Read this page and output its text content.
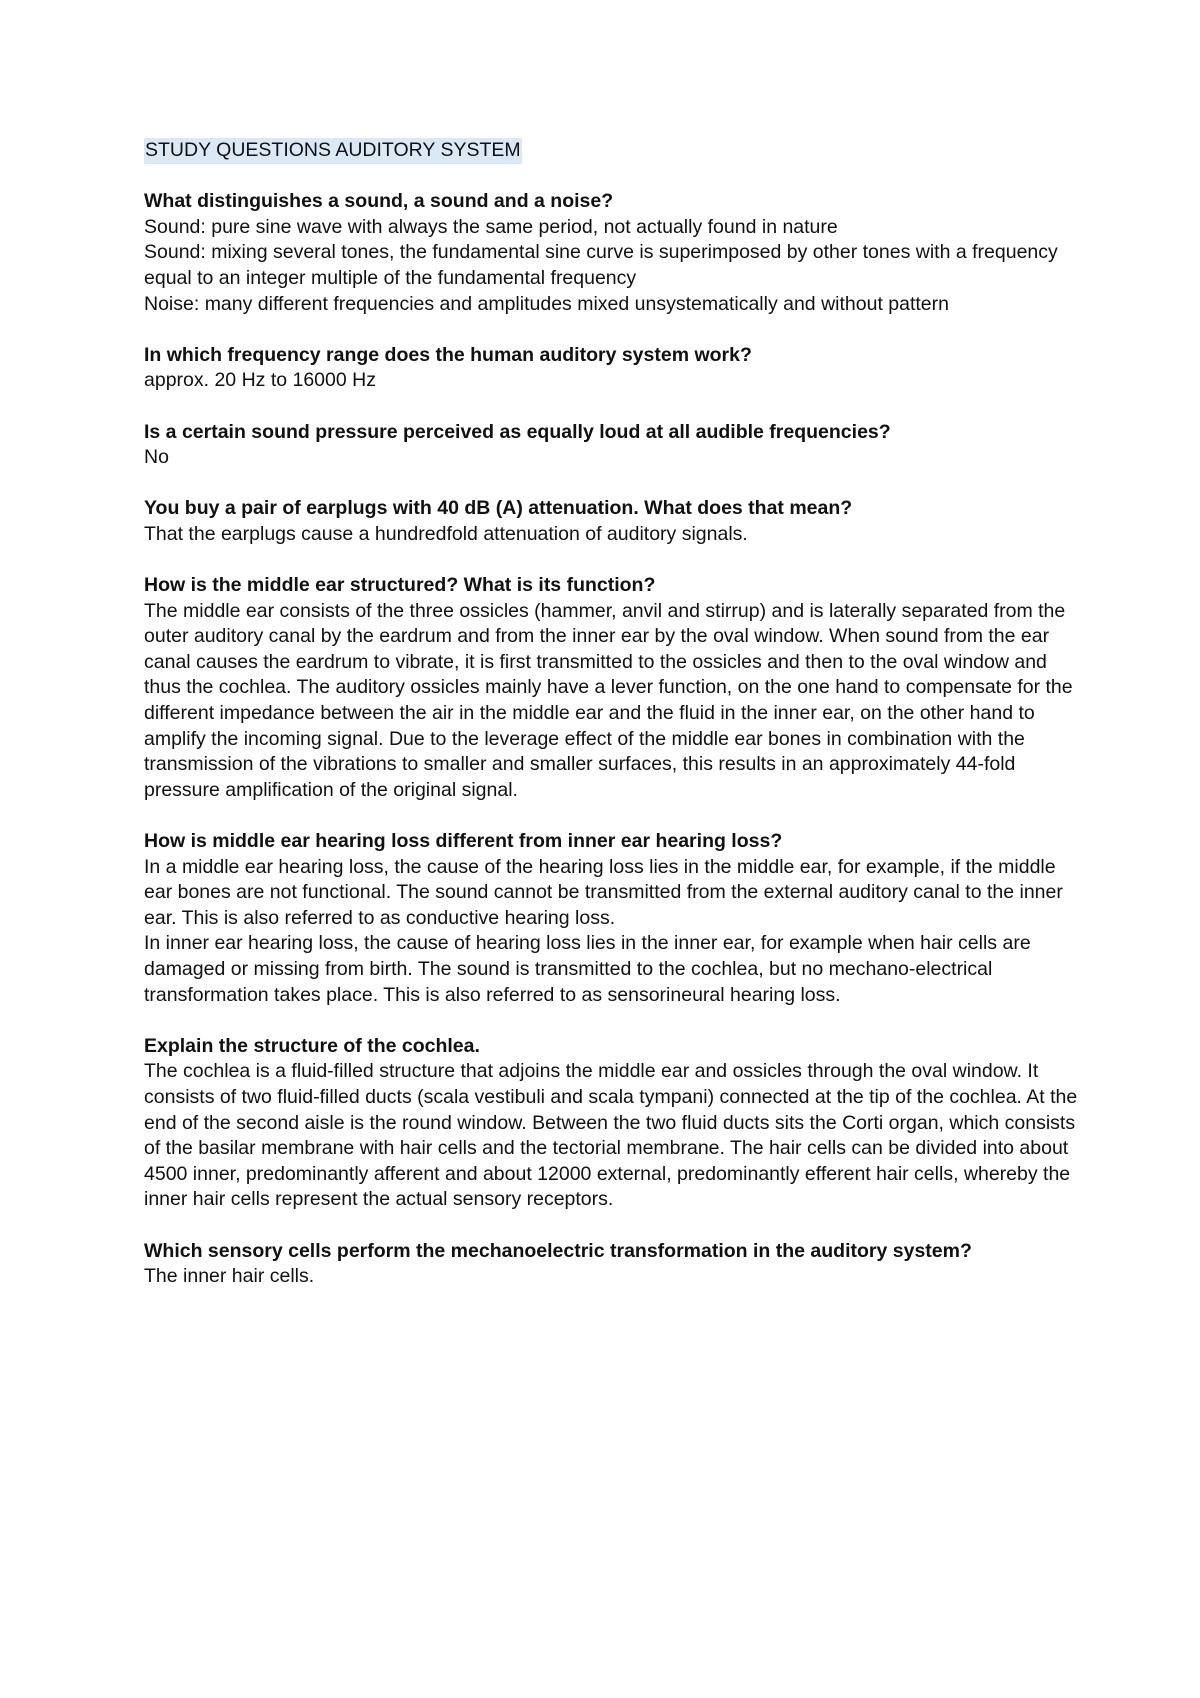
STUDY QUESTIONS AUDITORY SYSTEM
What distinguishes a sound, a sound and a noise?

Sound: pure sine wave with always the same period, not actually found in nature

Sound: mixing several tones, the fundamental sine curve is superimposed by other tones with a frequency equal to an integer multiple of the fundamental frequency

Noise: many different frequencies and amplitudes mixed unsystematically and without pattern

In which frequency range does the human auditory system work?

approx. 20 Hz to 16000 Hz

Is a certain sound pressure perceived as equally loud at all audible frequencies?

No

You buy a pair of earplugs with 40 dB (A) attenuation. What does that mean?

That the earplugs cause a hundredfold attenuation of auditory signals.

How is the middle ear structured? What is its function?

The middle ear consists of the three ossicles (hammer, anvil and stirrup) and is laterally separated from the outer auditory canal by the eardrum and from the inner ear by the oval window. When sound from the ear canal causes the eardrum to vibrate, it is first transmitted to the ossicles and then to the oval window and thus the cochlea. The auditory ossicles mainly have a lever function, on the one hand to compensate for the different impedance between the air in the middle ear and the fluid in the inner ear, on the other hand to amplify the incoming signal. Due to the leverage effect of the middle ear bones in combination with the transmission of the vibrations to smaller and smaller surfaces, this results in an approximately 44-fold pressure amplification of the original signal.

How is middle ear hearing loss different from inner ear hearing loss?

In a middle ear hearing loss, the cause of the hearing loss lies in the middle ear, for example, if the middle ear bones are not functional. The sound cannot be transmitted from the external auditory canal to the inner ear. This is also referred to as conductive hearing loss.

In inner ear hearing loss, the cause of hearing loss lies in the inner ear, for example when hair cells are damaged or missing from birth. The sound is transmitted to the cochlea, but no mechano-electrical transformation takes place. This is also referred to as sensorineural hearing loss.

Explain the structure of the cochlea.

The cochlea is a fluid-filled structure that adjoins the middle ear and ossicles through the oval window. It consists of two fluid-filled ducts (scala vestibuli and scala tympani) connected at the tip of the cochlea. At the end of the second aisle is the round window. Between the two fluid ducts sits the Corti organ, which consists of the basilar membrane with hair cells and the tectorial membrane. The hair cells can be divided into about 4500 inner, predominantly afferent and about 12000 external, predominantly efferent hair cells, whereby the inner hair cells represent the actual sensory receptors.

Which sensory cells perform the mechanoelectric transformation in the auditory system?

The inner hair cells.
